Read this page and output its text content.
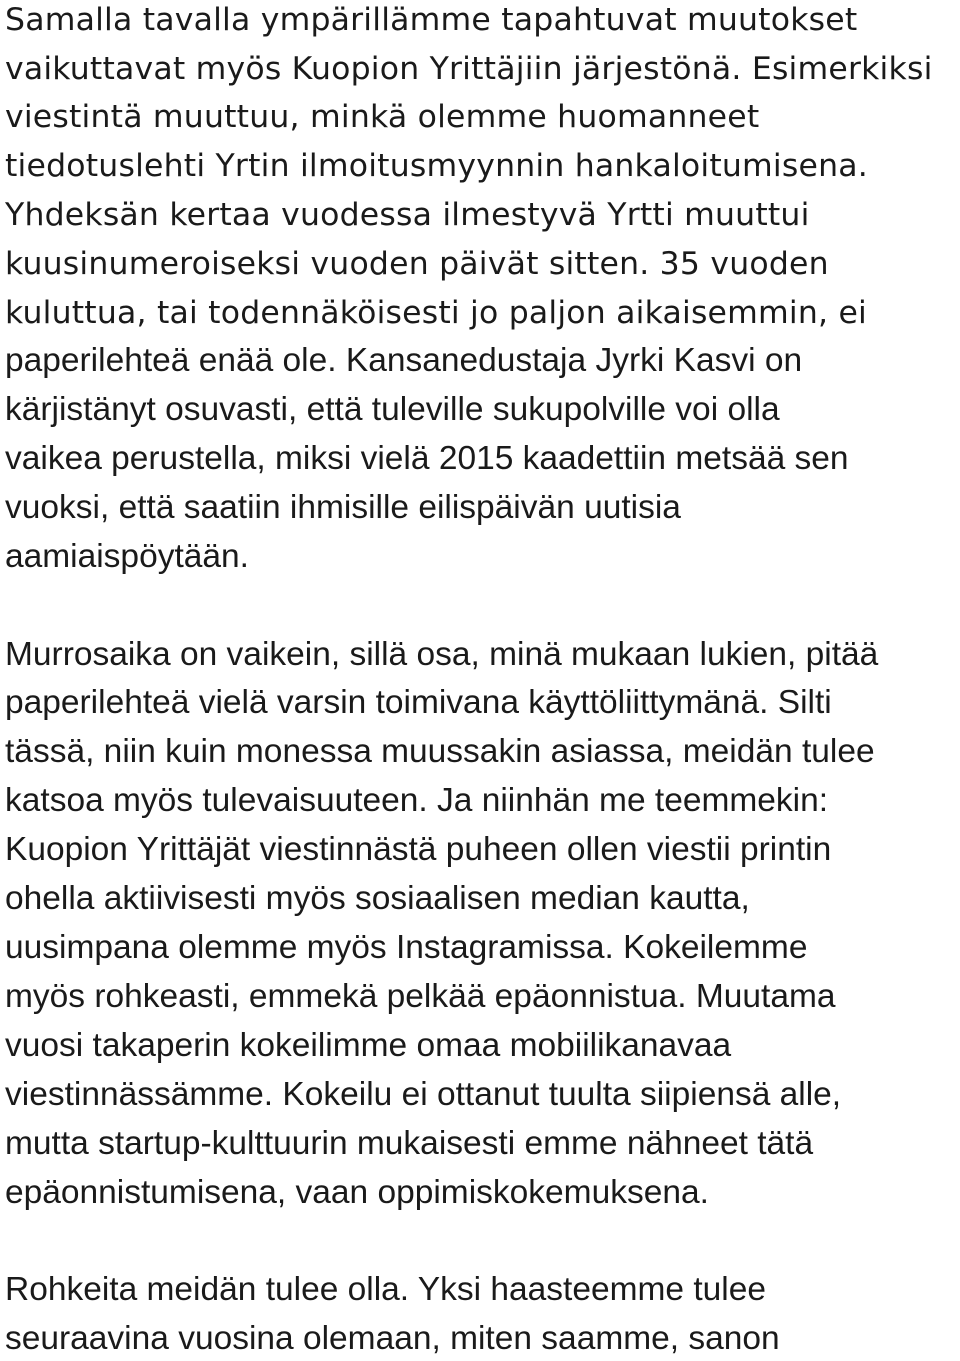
Samalla tavalla ympärillämme tapahtuvat muutokset
vaikuttavat myös Kuopion Yrittäjiin järjestönä. Esimerkiksi
viestintä muuttuu, minkä olemme huomanneet
tiedotuslehti Yrtin ilmoitusmyynnin hankaloitumisena.
Yhdeksän kertaa vuodessa ilmestyvä Yrtti muuttui
kuusinumeroiseksi vuoden päivät sitten. 35 vuoden
kuluttua, tai todennäköisesti jo paljon aikaisemmin, ei
paperilehteä enää ole. Kansanedustaja Jyrki Kasvi on
kärjistänyt osuvasti, että tuleville sukupolville voi olla
vaikea perustella, miksi vielä 2015 kaadettiin metsää sen
vuoksi, että saatiin ihmisille eilispäivän uutisia
aamiaispöytään.
Murrosaika on vaikein, sillä osa, minä mukaan lukien, pitää
paperilehteä vielä varsin toimivana käyttöliittymänä. Silti
tässä, niin kuin monessa muussakin asiassa, meidän tulee
katsoa myös tulevaisuuteen. Ja niinhän me teemmekin:
Kuopion Yrittäjät viestinnästä puheen ollen viestii printin
ohella aktiivisesti myös sosiaalisen median kautta,
uusimpana olemme myös Instagramissa. Kokeilemme
myös rohkeasti, emmekä pelkää epäonnistua. Muutama
vuosi takaperin kokeilimme omaa mobiilikanavaa
viestinnässämme. Kokeilu ei ottanut tuulta siipiensä alle,
mutta startup-kulttuurin mukaisesti emme nähneet tätä
epäonnistumisena, vaan oppimiskokemuksena.
Rohkeita meidän tulee olla. Yksi haasteemme tulee
seuraavina vuosina olemaan, miten saamme, sanon
